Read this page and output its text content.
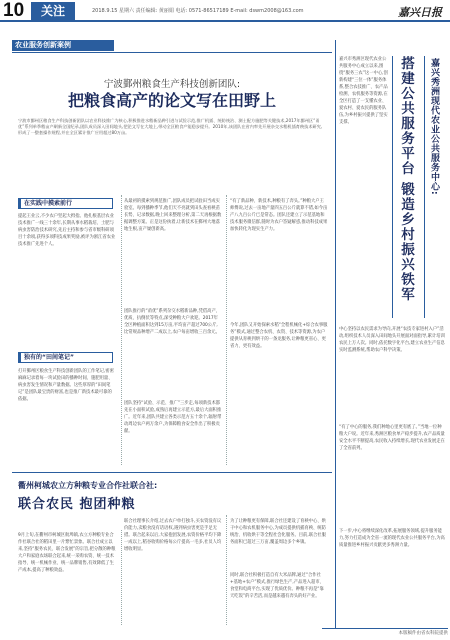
10	关注	2018.9.15 星期六 责任编辑: 黄丽娟 电话: 0571-86517189 E-mail: dswm2008@163.com	嘉兴日报
农业服务创新案例
宁波鄞州粮食生产科技创新团队:
把粮食高产的论文写在田野上
宁波市鄞州区粮食生产科技创新团队以农业科技推广为核心,积极推进水稻新品种引进与试验示范,推广机插、统防统治、测土配方施肥等关键技术,2017年鄞州区“甬优”系列单季稻亩产刷新全国纪录,团队成员深入田间地头,把论文写在大地上,带动全区粮食产能稳步提升。2010年,该团队在省内率先开展杂交水稻机插育秧技术研究,形成了一整套操作规程,并在全区累计推广应用超过80万亩。
在实践中摸索前行
提起王业云,不少农户竖起大拇指。他扎根基层农业技术推广一线三十余年,长期从事水稻栽培、土肥与病虫害防治技术研究,先后主持和参与省市级科研项目十余项,获得多项科技成果奖励,被评为浙江省农业技术推广先进个人。
从最初的摸索到规范推广,团队成员把试验田当成实验室。每到播种季节,他们天不亮就到田头查看秧苗长势、记录数据,晚上回来整理分析,第二天再根据数据调整方案。正是这份执着,让新技术在鄞州大地落地生根,亩产屡创新高。
团队推行的“甬优”系列杂交水稻新品种,凭借高产、优质、抗倒伏等特点,深受种粮大户欢迎。2017年全区种植面积达到15万亩,平均亩产超过700公斤,比常规品种增产二成以上,农户每亩增收三百余元。
“有了新品种、新技术,种粮有了奔头。”种粮大户王师傅说,过去一亩地产量四五百公斤就算不错,如今亩产八九百公斤已是常态。团队还建立了示范基地和技术服务微信群,随时为农户答疑解惑,推动科技成果加快转化为现实生产力。
独有的“田间笔记”
打开鄞州区粮食生产科技创新团队的工作笔记,密密麻麻记录着每一块试验田的播种时间、施肥用量、病虫害发生情况和产量数据。这些厚厚的“田间笔记”是团队最宝贵的财富,也是推广新技术最可靠的依据。
团队坚持“试验、示范、推广”三步走,每项新技术都先在小面积试验,成熟后再建立示范方,最后大面积推广。近年来,团队共建立各类示范方五十余个,辐射带动周边农户两万余户,为保障粮食安全作出了积极贡献。
今年,团队又开始探索水稻“全程机械化+综合农事服务”模式,通过整合农机、农资、技术等资源,为农户提供从育秧到烘干的一条龙服务,让种粮更省心、更省力、更有效益。
衢州柯城农立方种粮专业合作社联合社:
联合农民 抱团种粮
9月上旬,在衢州市柯城区航埠镇,农立方种粮专业合作社联合社的稻田里一片繁忙景象。联合社成立以来,坚持“服务农民、联合发展”的宗旨,把分散的种粮大户和家庭农场联合起来,统一采购农资、统一技术指导、统一机械作业、统一品牌销售,有效降低了生产成本,提高了种粮效益。
联合社理事长介绍,过去农户单打独斗,买农资没有议价能力,卖粮食没有话语权,遇到病虫害更是手足无措。联合起来以后,大家抱团发展,农资价格平均下降一成以上,稻谷收购价格每公斤提高一毛多,社员人均增收明显。
为了让种粮更有保障,联合社还建设了育秧中心、烘干中心和农机服务中心,为成员提供机插育秧、统防统治、机收烘干等全程社会化服务。目前,联合社服务面积已超过三万亩,覆盖周边多个乡镇。
同时,联合社积极打造自有大米品牌,通过“合作社+基地+农户”模式,推行绿色生产,产品进入超市、食堂和电商平台,实现了优质优价。种粮不再是“靠天吃饭”的辛苦活,而是越来越有奔头的好产业。
嘉兴秀洲现代农业公共服务中心:
搭建公共服务平台 锻造乡村振兴铁军
嘉兴市秀洲区现代农业公共服务中心成立以来,围绕“服务三农”这一中心,创新构建“三位一体”服务体系,整合农技推广、农产品检测、农机服务等资源,在全区打造了一支懂农业、爱农村、爱农民的服务队伍,为乡村振兴提供了坚实支撑。
中心坚持以农民需求为导向,开展“农技专家进村入户”活动,组织技术人员深入田间地头开展面对面指导,累计培训农民上万人次。同时,依托数字化平台,建立农业生产信息实时监测系统,帮助农户科学决策。
“有了中心的服务,我们种地心里更有底了。”当地一位种粮大户说。近年来,秀洲区粮食单产稳步提升,农产品质量安全水平不断提高,农民收入持续增长,现代农业发展走在了全省前列。
下一步,中心将继续深化改革,拓展服务领域,提升服务能力,努力打造成为全省一流的现代农业公共服务平台,为高质量推进乡村振兴贡献更多秀洲力量。
本版稿件由省农科院提供
